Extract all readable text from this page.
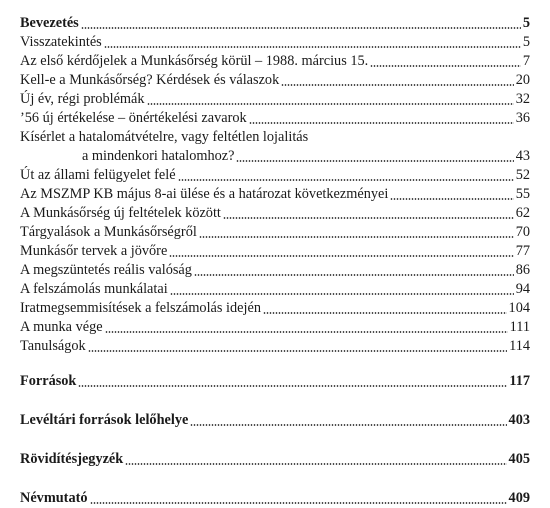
Bevezetés	5
Visszatekintés	5
Az első kérdőjelek a Munkásőrség körül – 1988. március 15.	7
Kell-e a Munkásőrség? Kérdések és válaszok	20
Új év, régi problémák	32
’56 új értékelése – önértékelési zavarok	36
Kísérlet a hatalomátvételre, vagy feltétlen lojalitás
a mindenkori hatalomhoz?	43
Út az állami felügyelet felé	52
Az MSZMP KB május 8-ai ülése és a határozat következményei	55
A Munkásőrség új feltételek között	62
Tárgyalások a Munkásőrségről	70
Munkásőr tervek a jövőre	77
A megszüntetés reális valóság	86
A felszámolás munkálatai	94
Iratmegsemmisítések a felszámolás idején	104
A munka vége	111
Tanulságok	114
Források	117
Levéltári források lelőhelye	403
Rövidítésjegyzék	405
Névmutató	409
